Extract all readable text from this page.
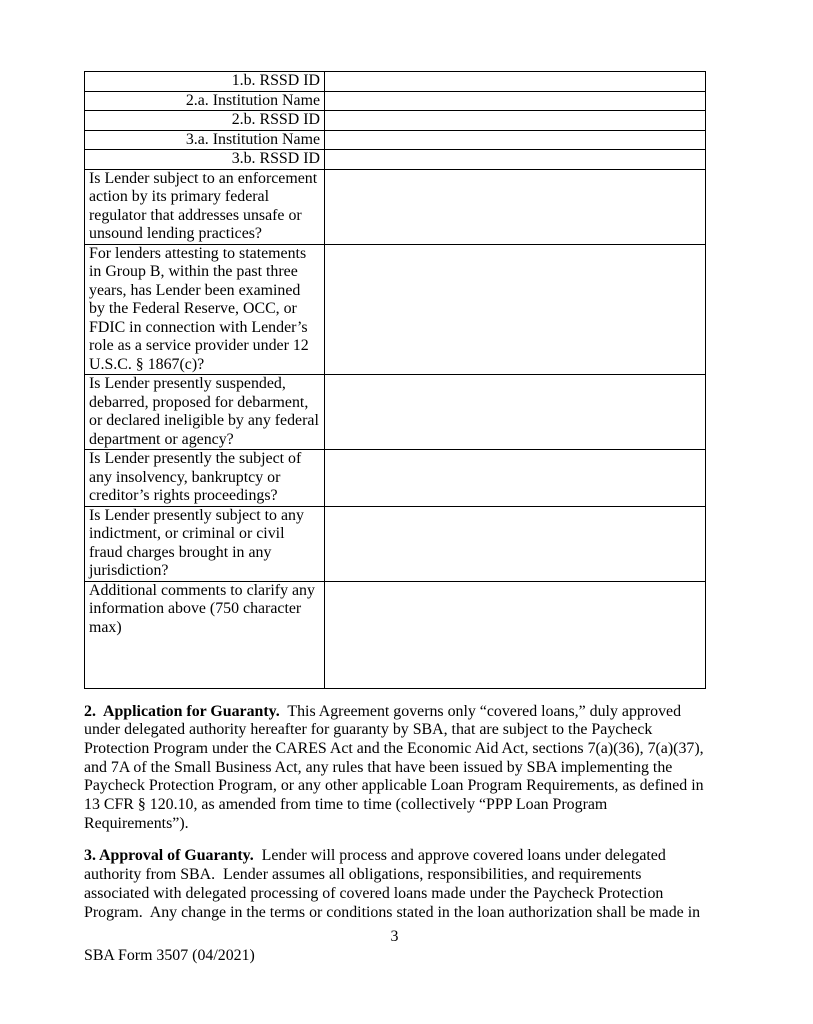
1.b. RSSD ID	
2.a. Institution Name	
2.b. RSSD ID	
3.a. Institution Name	
3.b. RSSD ID	
Is Lender subject to an enforcement action by its primary federal regulator that addresses unsafe or unsound lending practices?	
For lenders attesting to statements in Group B, within the past three years, has Lender been examined by the Federal Reserve, OCC, or FDIC in connection with Lender’s role as a service provider under 12 U.S.C. § 1867(c)?	
Is Lender presently suspended, debarred, proposed for debarment, or declared ineligible by any federal department or agency?	
Is Lender presently the subject of any insolvency, bankruptcy or creditor’s rights proceedings?	
Is Lender presently subject to any indictment, or criminal or civil fraud charges brought in any jurisdiction?	
Additional comments to clarify any information above (750 character max)	

2.  Application for Guaranty. This Agreement governs only “covered loans,” duly approved under delegated authority hereafter for guaranty by SBA, that are subject to the Paycheck Protection Program under the CARES Act and the Economic Aid Act, sections 7(a)(36), 7(a)(37), and 7A of the Small Business Act, any rules that have been issued by SBA implementing the Paycheck Protection Program, or any other applicable Loan Program Requirements, as defined in 13 CFR § 120.10, as amended from time to time (collectively “PPP Loan Program Requirements”).

3. Approval of Guaranty. Lender will process and approve covered loans under delegated authority from SBA.  Lender assumes all obligations, responsibilities, and requirements associated with delegated processing of covered loans made under the Paycheck Protection Program.  Any change in the terms or conditions stated in the loan authorization shall be made in

3
SBA Form 3507 (04/2021)
